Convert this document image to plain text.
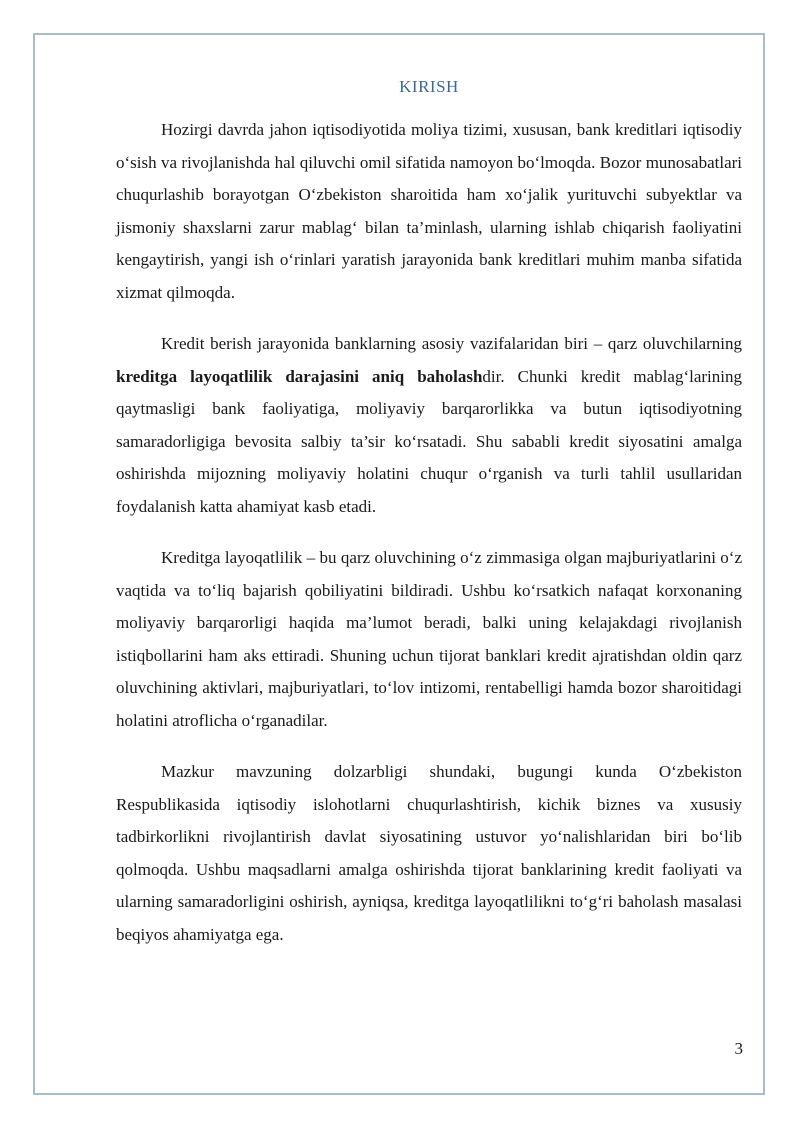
KIRISH

Hozirgi davrda jahon iqtisodiyotida moliya tizimi, xususan, bank kreditlari iqtisodiy o‘sish va rivojlanishda hal qiluvchi omil sifatida namoyon bo‘lmoqda. Bozor munosabatlari chuqurlashib borayotgan O‘zbekiston sharoitida ham xo‘jalik yurituvchi subyektlar va jismoniy shaxslarni zarur mablag‘ bilan ta’minlash, ularning ishlab chiqarish faoliyatini kengaytirish, yangi ish o‘rinlari yaratish jarayonida bank kreditlari muhim manba sifatida xizmat qilmoqda.

Kredit berish jarayonida banklarning asosiy vazifalaridan biri – qarz oluvchilarning kreditga layoqatlilik darajasini aniq baholashdir. Chunki kredit mablag‘larining qaytmasligi bank faoliyatiga, moliyaviy barqarorlikka va butun iqtisodiyotning samaradorligiga bevosita salbiy ta’sir ko‘rsatadi. Shu sababli kredit siyosatini amalga oshirishda mijozning moliyaviy holatini chuqur o‘rganish va turli tahlil usullaridan foydalanish katta ahamiyat kasb etadi.

Kreditga layoqatlilik – bu qarz oluvchining o‘z zimmasiga olgan majburiyatlarini o‘z vaqtida va to‘liq bajarish qobiliyatini bildiradi. Ushbu ko‘rsatkich nafaqat korxonaning moliyaviy barqarorligi haqida ma’lumot beradi, balki uning kelajakdagi rivojlanish istiqbollarini ham aks ettiradi. Shuning uchun tijorat banklari kredit ajratishdan oldin qarz oluvchining aktivlari, majburiyatlari, to‘lov intizomi, rentabelligi hamda bozor sharoitidagi holatini atroflicha o‘rganadilar.

Mazkur mavzuning dolzarbligi shundaki, bugungi kunda O‘zbekiston Respublikasida iqtisodiy islohotlarni chuqurlashtirish, kichik biznes va xususiy tadbirkorlikni rivojlantirish davlat siyosatining ustuvor yo‘nalishlaridan biri bo‘lib qolmoqda. Ushbu maqsadlarni amalga oshirishda tijorat banklarining kredit faoliyati va ularning samaradorligini oshirish, ayniqsa, kreditga layoqatlilikni to‘g‘ri baholash masalasi beqiyos ahamiyatga ega.

3
